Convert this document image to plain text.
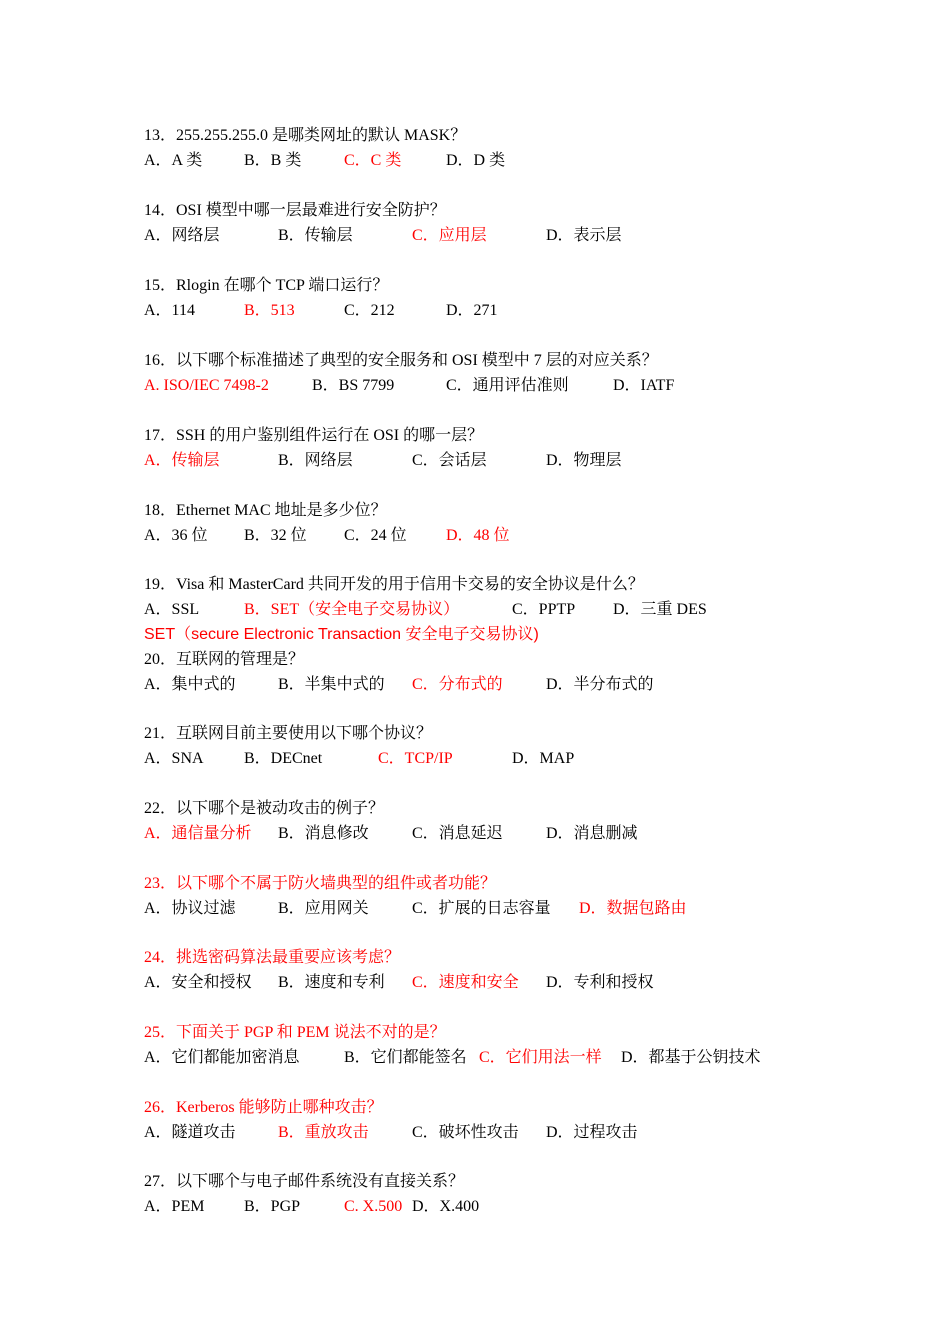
13．255.255.255.0 是哪类网址的默认 MASK？
A．A 类	B．B 类	C．C 类	D．D 类
14．OSI 模型中哪一层最难进行安全防护？
A．网络层	B．传输层	C．应用层	D．表示层
15．Rlogin 在哪个 TCP 端口运行？
A．114	B．513	C．212	D．271
16．以下哪个标准描述了典型的安全服务和 OSI 模型中 7 层的对应关系？
A. ISO/IEC 7498-2	B．BS 7799	C．通用评估准则	D．IATF
17．SSH 的用户鉴别组件运行在 OSI 的哪一层？
A．传输层	B．网络层	C．会话层	D．物理层
18．Ethernet MAC 地址是多少位？
A．36 位 B．32 位 C．24 位 D．48 位
19．Visa 和 MasterCard 共同开发的用于信用卡交易的安全协议是什么？
A．SSL	B．SET（安全电子交易协议）	C．PPTP D．三重 DES
SET（secure Electronic Transaction 安全电子交易协议)
20．互联网的管理是？
A．集中式的	B．半集中式的 C．分布式的	D．半分布式的
21．互联网目前主要使用以下哪个协议？
A．SNA	B．DECnet	C．TCP/IP	D．MAP
22．以下哪个是被动攻击的例子？
A．通信量分析 B．消息修改	C．消息延迟	D．消息删减
23．以下哪个不属于防火墙典型的组件或者功能？
A．协议过滤	B．应用网关	C．扩展的日志容量 D．数据包路由
24．挑选密码算法最重要应该考虑？
A．安全和授权 B．速度和专利 C．速度和安全 D．专利和授权
25．下面关于 PGP 和 PEM 说法不对的是？
A．它们都能加密消息	B．它们都能签名 C．它们用法一样 D．都基于公钥技术
26．Kerberos 能够防止哪种攻击？
A．隧道攻击	B．重放攻击	C．破坏性攻击 D．过程攻击
27．以下哪个与电子邮件系统没有直接关系？
A．PEM B．PGP	C. X.500 D．X.400
